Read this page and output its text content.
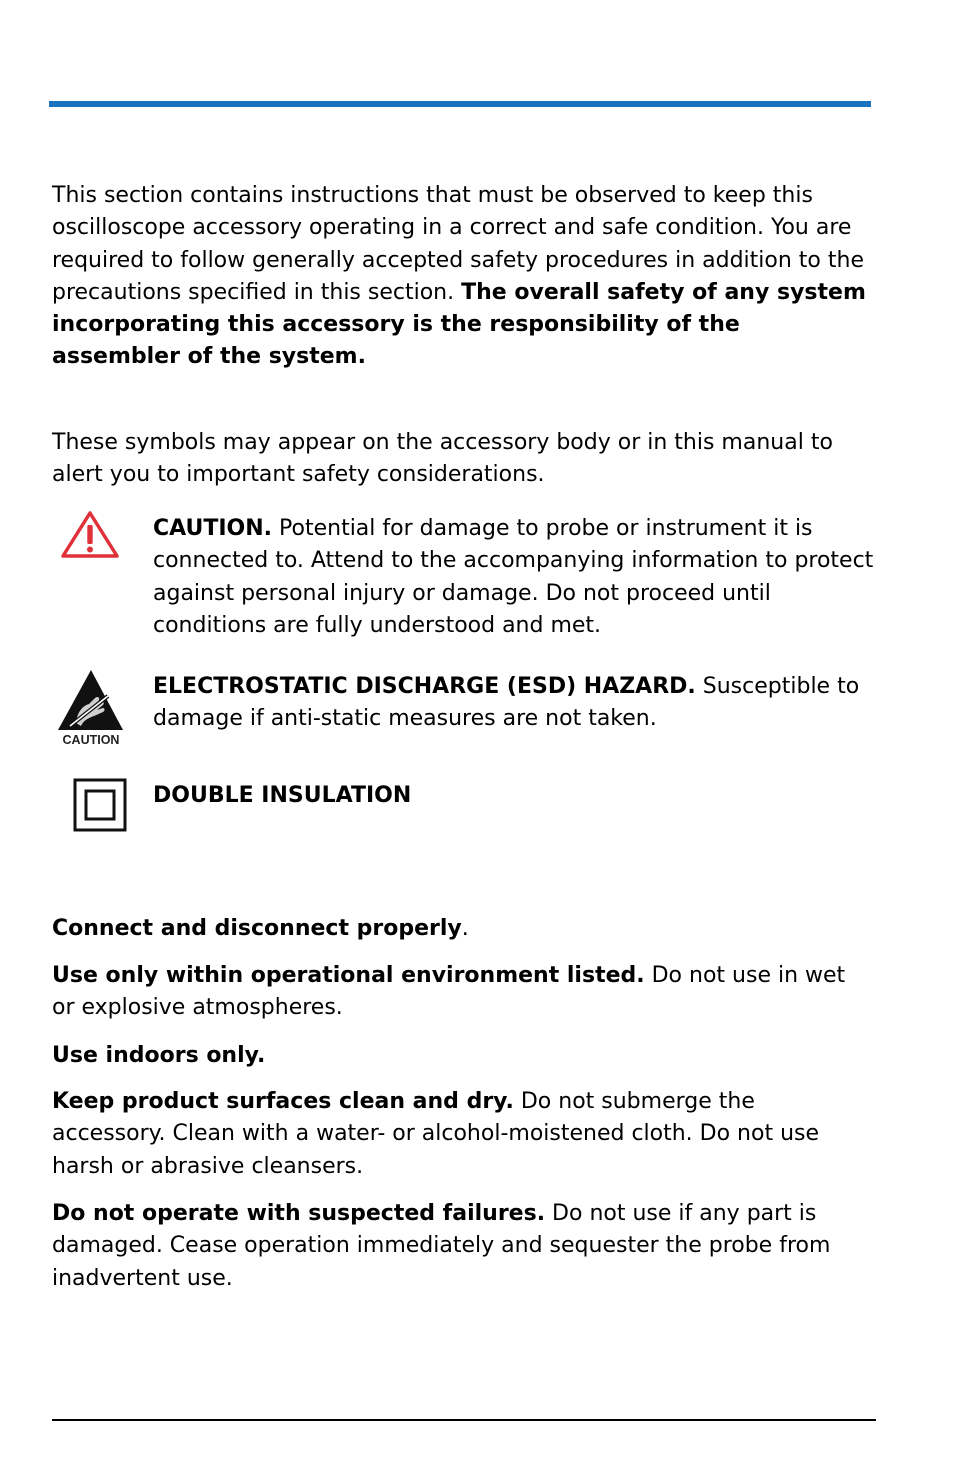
This section contains instructions that must be observed to keep this oscilloscope accessory operating in a correct and safe condition. You are required to follow generally accepted safety procedures in addition to the precautions specified in this section. The overall safety of any system incorporating this accessory is the responsibility of the assembler of the system.

These symbols may appear on the accessory body or in this manual to alert you to important safety considerations.

CAUTION. Potential for damage to probe or instrument it is connected to. Attend to the accompanying information to protect against personal injury or damage. Do not proceed until conditions are fully understood and met.

CAUTION

ELECTROSTATIC DISCHARGE (ESD) HAZARD. Susceptible to damage if anti-static measures are not taken.

DOUBLE INSULATION

Connect and disconnect properly.

Use only within operational environment listed. Do not use in wet or explosive atmospheres.

Use indoors only.

Keep product surfaces clean and dry. Do not submerge the accessory. Clean with a water- or alcohol-moistened cloth. Do not use harsh or abrasive cleansers.

Do not operate with suspected failures. Do not use if any part is damaged. Cease operation immediately and sequester the probe from inadvertent use.
